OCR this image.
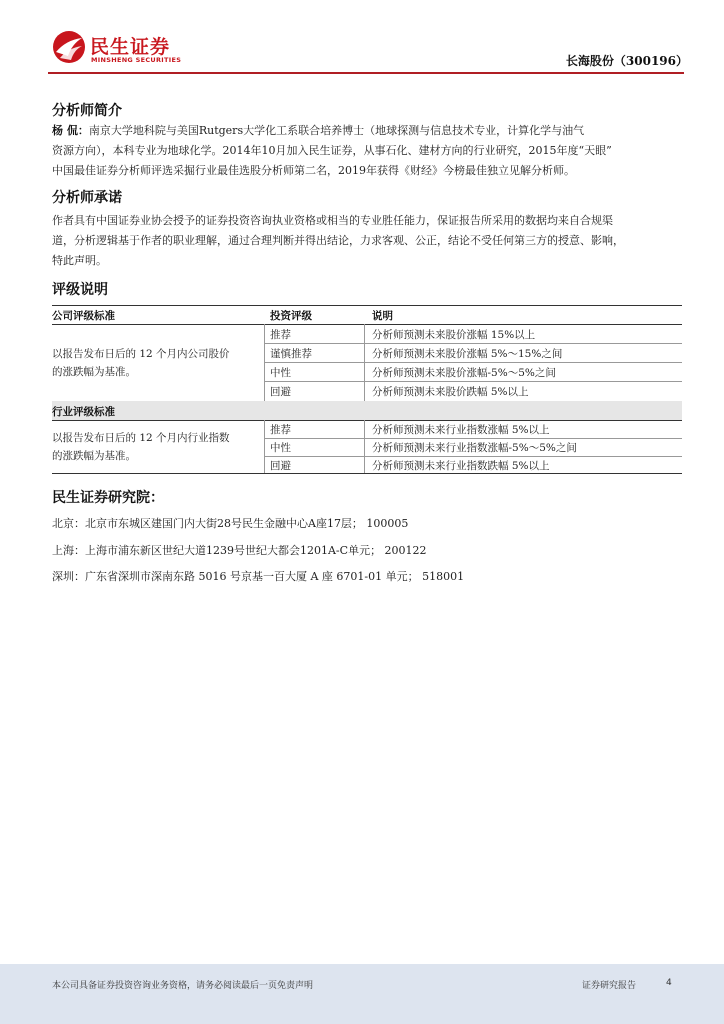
民生证券
MINSHENG SECURITIES	长海股份（300196）
分析师简介
杨 侃：南京大学地科院与美国Rutgers大学化工系联合培养博士（地球探测与信息技术专业，计算化学与油气
资源方向），本科专业为地球化学。2014年10月加入民生证券，从事石化、建材方向的行业研究，2015年度“天眼”
中国最佳证券分析师评选采掘行业最佳选股分析师第二名，2019年获得《财经》今榜最佳独立见解分析师。
分析师承诺
作者具有中国证券业协会授予的证券投资咨询执业资格或相当的专业胜任能力，保证报告所采用的数据均来自合规渠
道，分析逻辑基于作者的职业理解，通过合理判断并得出结论，力求客观、公正，结论不受任何第三方的授意、影响，
特此声明。
评级说明
公司评级标准	投资评级	说明
以报告发布日后的 12 个月内公司股价
的涨跌幅为基准。
推荐	分析师预测未来股价涨幅 15%以上
谨慎推荐	分析师预测未来股价涨幅 5%～15%之间
中性	分析师预测未来股价涨幅-5%～5%之间
回避	分析师预测未来股价跌幅 5%以上
行业评级标准
以报告发布日后的 12 个月内行业指数
的涨跌幅为基准。
推荐	分析师预测未来行业指数涨幅 5%以上
中性	分析师预测未来行业指数涨幅-5%～5%之间
回避	分析师预测未来行业指数跌幅 5%以上
民生证券研究院：
北京：北京市东城区建国门内大街28号民生金融中心A座17层； 100005
上海：上海市浦东新区世纪大道1239号世纪大都会1201A-C单元； 200122
深圳：广东省深圳市深南东路 5016 号京基一百大厦 A 座 6701-01 单元； 518001
本公司具备证券投资咨询业务资格，请务必阅读最后一页免责声明	证券研究报告	4
